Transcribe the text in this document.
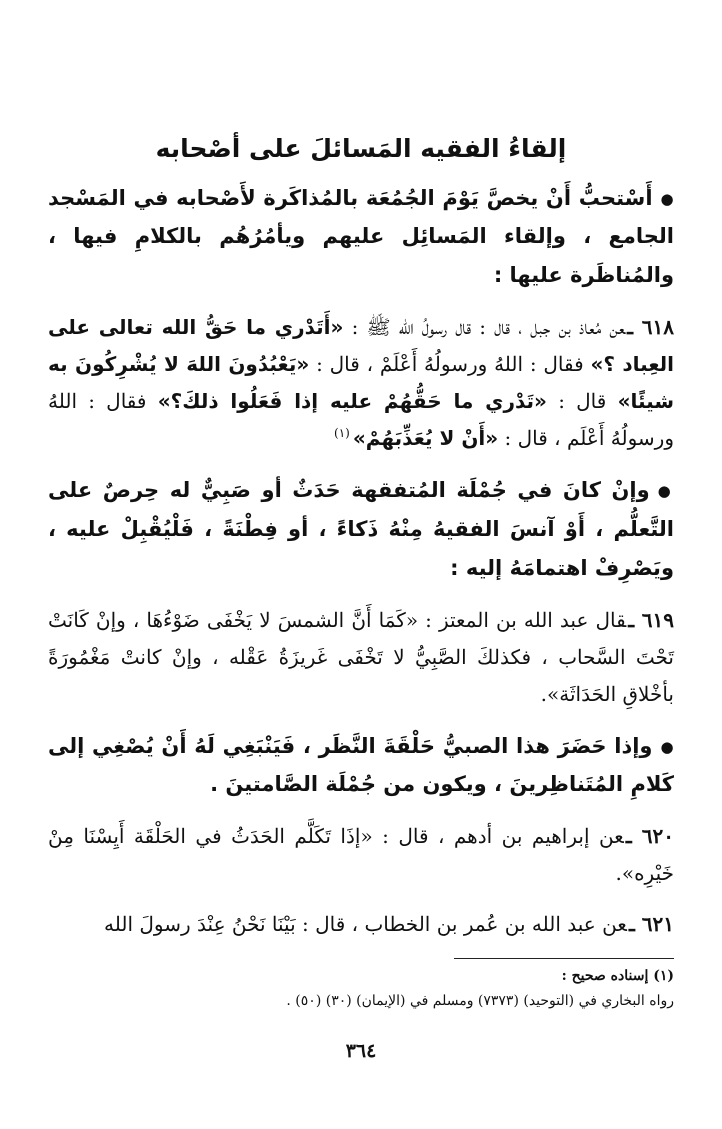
إلقاءُ الفقيه المَسائلَ على أصْحابه

●أَسْتحبُّ أَنْ يخصَّ يَوْمَ الجُمُعَة بالمُذاكَرة لأَصْحابه في المَسْجد الجامع ، وإلقاء المَسائِل عليهم ويأمُرُهُم بالكلامِ فيها ، والمُناظَرة عليها :

٦١٨ ـعن مُعاذ بن جبل ، قال : قال رسولُ الله ﷺ : «أَتَدْري ما حَقُّ الله تعالى على العِباد ؟» فقال : اللهُ ورسولُهُ أَعْلَمْ ، قال : «يَعْبُدُونَ اللهَ لا يُشْرِكُونَ به شيئًا» قال : «تَدْري ما حَقُّهُمْ عليه إذا فَعَلُوا ذلكَ؟» فقال : اللهُ ورسولُهُ أَعْلَم ، قال : «أَنْ لا يُعَذِّبَهُمْ»$^{(١)}$

●وإنْ كانَ في جُمْلَة المُتفقهة حَدَثٌ أو صَبِيٌّ له حِرصٌ على التَّعلُّم ، أَوْ آنسَ الفقيهُ مِنْهُ ذَكاءً ، أو فِطْنَةً ، فَلْيُقْبِلْ عليه ، ويَصْرِفْ اهتمامَهُ إليه :

٦١٩ ـقال عبد الله بن المعتز : «كَمَا أَنَّ الشمسَ لا يَخْفَى ضَوْءُهَا ، وإنْ كَانَتْ تَحْتَ السَّحاب ، فكذلكَ الصَّبِيُّ لا تَخْفَى غَريزَةُ عَقْله ، وإنْ كانتْ مَغْمُورَةً بأخْلاقِ الحَدَاثَة».

●وإذا حَضَرَ هذا الصبيُّ حَلْقَةَ النَّظَر ، فَيَنْبَغِي لَهُ أَنْ يُصْغِي إلى كَلامِ المُتَناظِرينَ ، ويكون من جُمْلَة الصَّامتينَ .

٦٢٠ ـعن إبراهيم بن أدهم ، قال : «إذَا تَكَلَّم الحَدَثُ في الحَلْقَة أَيِسْنَا مِنْ خَيْرِه».

٦٢١ ـعن عبد الله بن عُمر بن الخطاب ، قال : بَيْنَا نَحْنُ عِنْدَ رسولَ الله

(١) إسناده صحيح :
رواه البخاري في (التوحيد) (٧٣٧٣) ومسلم في (الإيمان) (٣٠) (٥٠) .
٣٦٤
